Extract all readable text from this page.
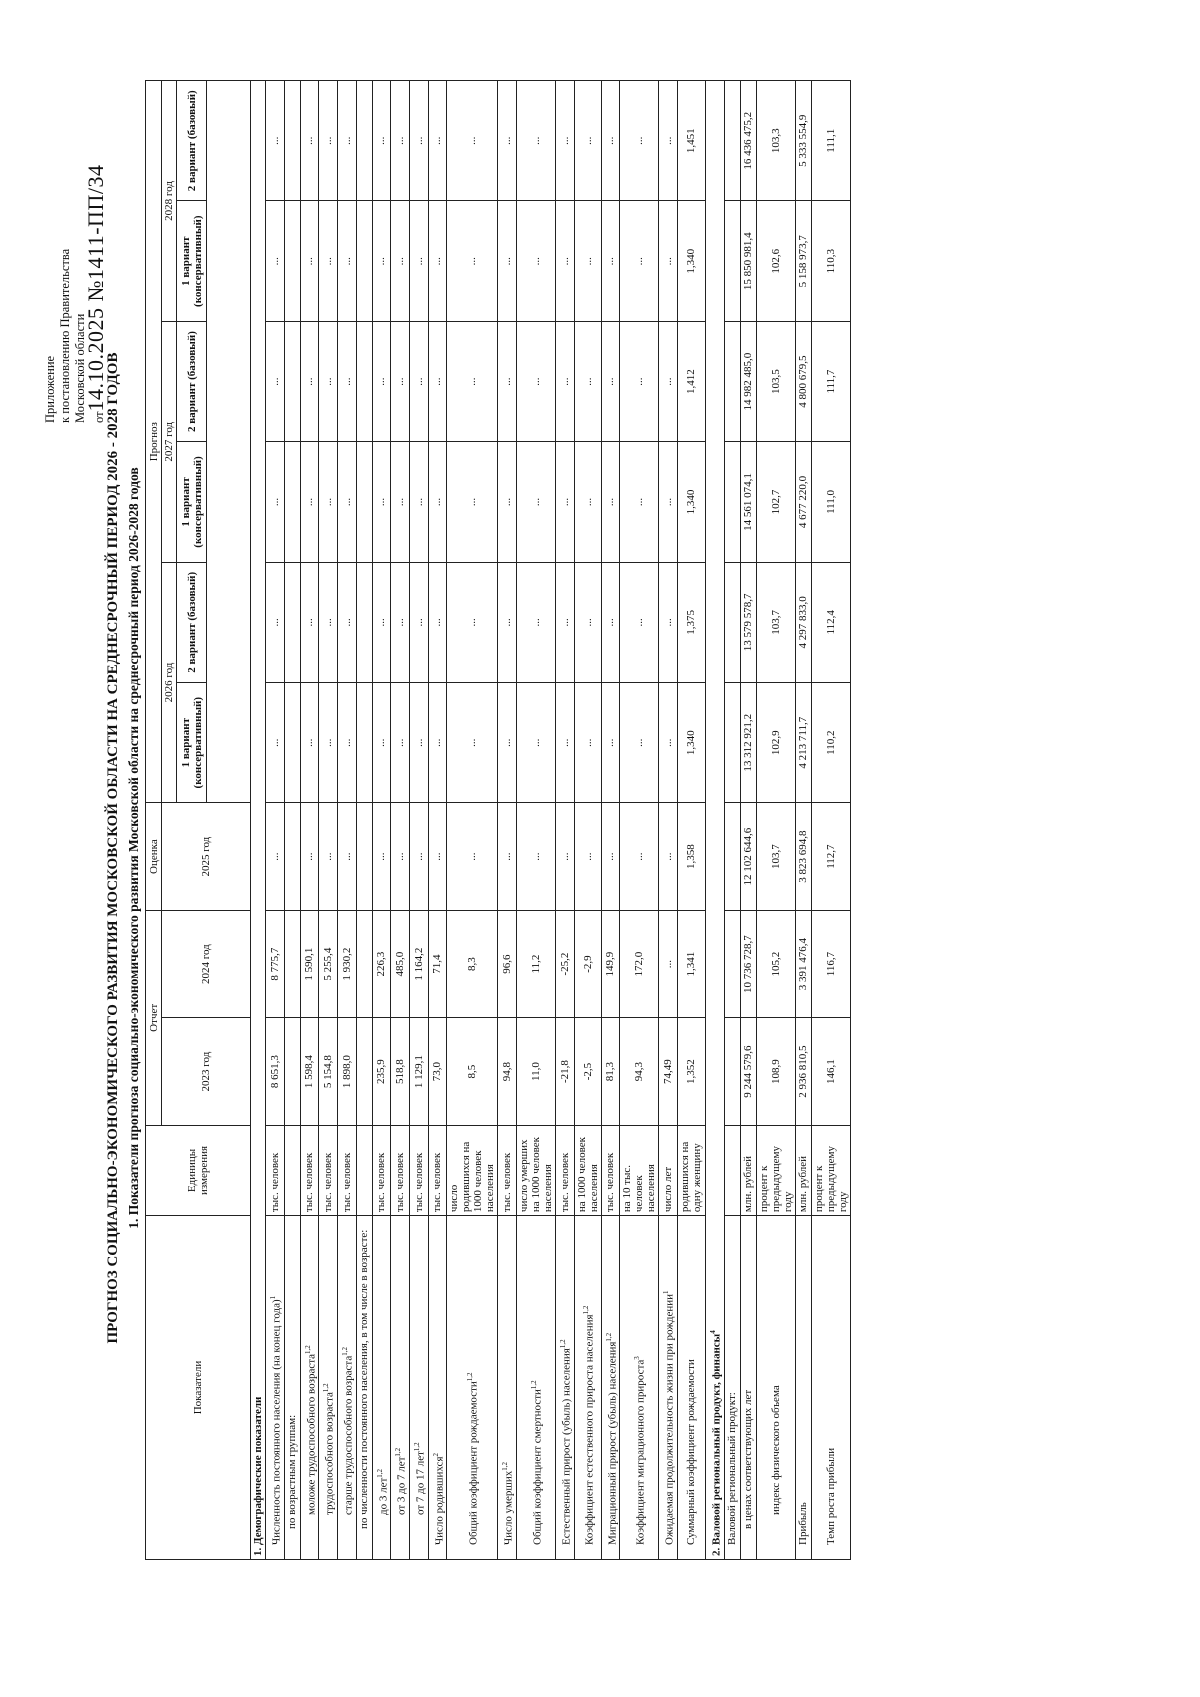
Приложение к постановлению Правительства Московской области от14.10.2025 №1411-ПП/34
ПРОГНОЗ СОЦИАЛЬНО-ЭКОНОМИЧЕСКОГО РАЗВИТИЯ МОСКОВСКОЙ ОБЛАСТИ НА СРЕДНЕСРОЧНЫЙ ПЕРИОД 2026 - 2028 ГОДОВ 1. Показатели прогноза социально-экономического развития Московской области на среднесрочный период 2026-2028 годов
Показатели	Единицы измерения	Отчет		Оценка	Прогноз					
		2023 год	2024 год	2025 год	2026 год		2027 год		2028 год	
					1 вариант (консервативный)	2 вариант (базовый)	1 вариант (консервативный)	2 вариант (базовый)	1 вариант (консервативный)	2 вариант (базовый)

1. Демографические показатели										
Численность постоянного населения (на конец года)$^1$	тыс. человек	8 651,3	8 775,7	...	...	...	...	...	...	...
по возрастным группам:										
моложе трудоспособного возраста$^{1,2}$	тыс. человек	1 598,4	1 590,1	...	...	...	...	...	...	...
трудоспособного возраста$^{1,2}$	тыс. человек	5 154,8	5 255,4	...	...	...	...	...	...	...
старше трудоспособного возраста$^{1,2}$	тыс. человек	1 898,0	1 930,2	...	...	...	...	...	...	...
по численности постоянного населения, в том числе в возрасте:										
до 3 лет$^{1,2}$	тыс. человек	235,9	226,3	...	...	...	...	...	...	...
от 3 до 7 лет$^{1,2}$	тыс. человек	518,8	485,0	...	...	...	...	...	...	...
от 7 до 17 лет$^{1,2}$	тыс. человек	1 129,1	1 164,2	...	...	...	...	...	...	...
Число родившихся$^2$	тыс. человек	73,0	71,4	...	...	...	...	...	...	...
Общий коэффициент рождаемости$^{1,2}$	число родившихся на 1000 человек населения	8,5	8,3	...	...	...	...	...	...	...
Число умерших$^{1,2}$	тыс. человек	94,8	96,6	...	...	...	...	...	...	...
Общий коэффициент смертности$^{1,2}$	число умерших на 1000 человек населения	11,0	11,2	...	...	...	...	...	...	...
Естественный прирост (убыль) населения$^{1,2}$	тыс. человек	-21,8	-25,2	...	...	...	...	...	...	...
Коэффициент естественного прироста населения$^{1,2}$	на 1000 человек населения	-2,5	-2,9	...	...	...	...	...	...	...
Миграционный прирост (убыль) населения$^{1,2}$	тыс. человек	81,3	149,9	...	...	...	...	...	...	...
Коэффициент миграционного прироста$^3$	на 10 тыс. человек населения	94,3	172,0	...	...	...	...	...	...	...
Ожидаемая продолжительность жизни при рождении$^1$	число лет	74,49	...	...	...	...	...	...	...	...
Суммарный коэффициент рождаемости	родившихся на одну женщину	1,352	1,341	1,358	1,340	1,375	1,340	1,412	1,340	1,451
2. Валовой региональный продукт, финансы$^4$
Валовой региональный продукт:										
в ценах соответствующих лет	млн. рублей	9 244 579,6	10 736 728,7	12 102 644,6	13 312 921,2	13 579 578,7	14 561 074,1	14 982 485,0	15 850 981,4	16 436 475,2
индекс физического объема	процент к предыдущему году	108,9	105,2	103,7	102,9	103,7	102,7	103,5	102,6	103,3
Прибыль	млн. рублей	2 936 810,5	3 391 476,4	3 823 694,8	4 213 711,7	4 297 833,0	4 677 220,0	4 800 679,5	5 158 973,7	5 333 554,9
Темп роста прибыли	процент к предыдущему году	146,1	116,7	112,7	110,2	112,4	111,0	111,7	110,3	111,1
